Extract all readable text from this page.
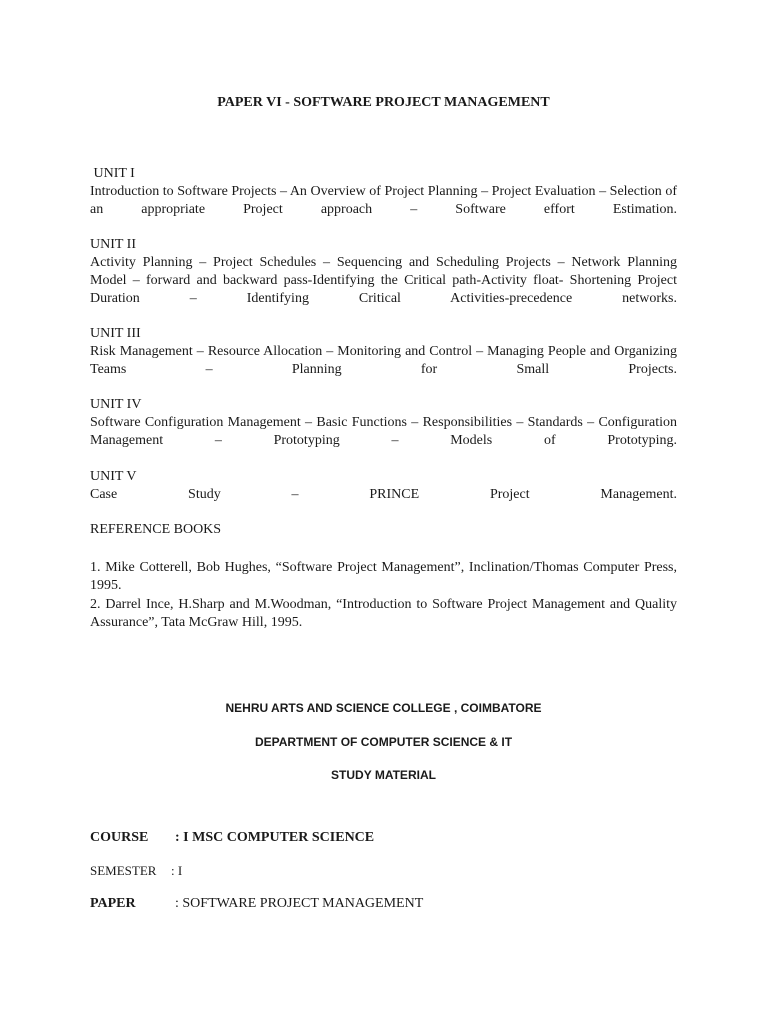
PAPER VI - SOFTWARE PROJECT MANAGEMENT
UNIT I
Introduction to Software Projects – An Overview of Project Planning – Project Evaluation – Selection of an appropriate Project approach – Software effort Estimation.
UNIT II
Activity Planning – Project Schedules – Sequencing and Scheduling Projects – Network Planning Model – forward and backward pass-Identifying the Critical path-Activity float- Shortening Project Duration – Identifying Critical Activities-precedence networks.
UNIT III
Risk Management – Resource Allocation – Monitoring and Control – Managing People and Organizing Teams – Planning for Small Projects.
UNIT IV
Software Configuration Management – Basic Functions – Responsibilities – Standards – Configuration Management – Prototyping – Models of Prototyping.
UNIT V
Case Study – PRINCE Project Management.
REFERENCE BOOKS
1. Mike Cotterell, Bob Hughes, “Software Project Management”, Inclination/Thomas Computer Press, 1995.
2. Darrel Ince, H.Sharp and M.Woodman, “Introduction to Software Project Management and Quality Assurance”, Tata McGraw Hill, 1995.
NEHRU ARTS AND SCIENCE COLLEGE , COIMBATORE
DEPARTMENT OF COMPUTER SCIENCE & IT
STUDY MATERIAL
COURSE : I MSC COMPUTER SCIENCE
SEMESTER : I
PAPER	: SOFTWARE PROJECT MANAGEMENT
